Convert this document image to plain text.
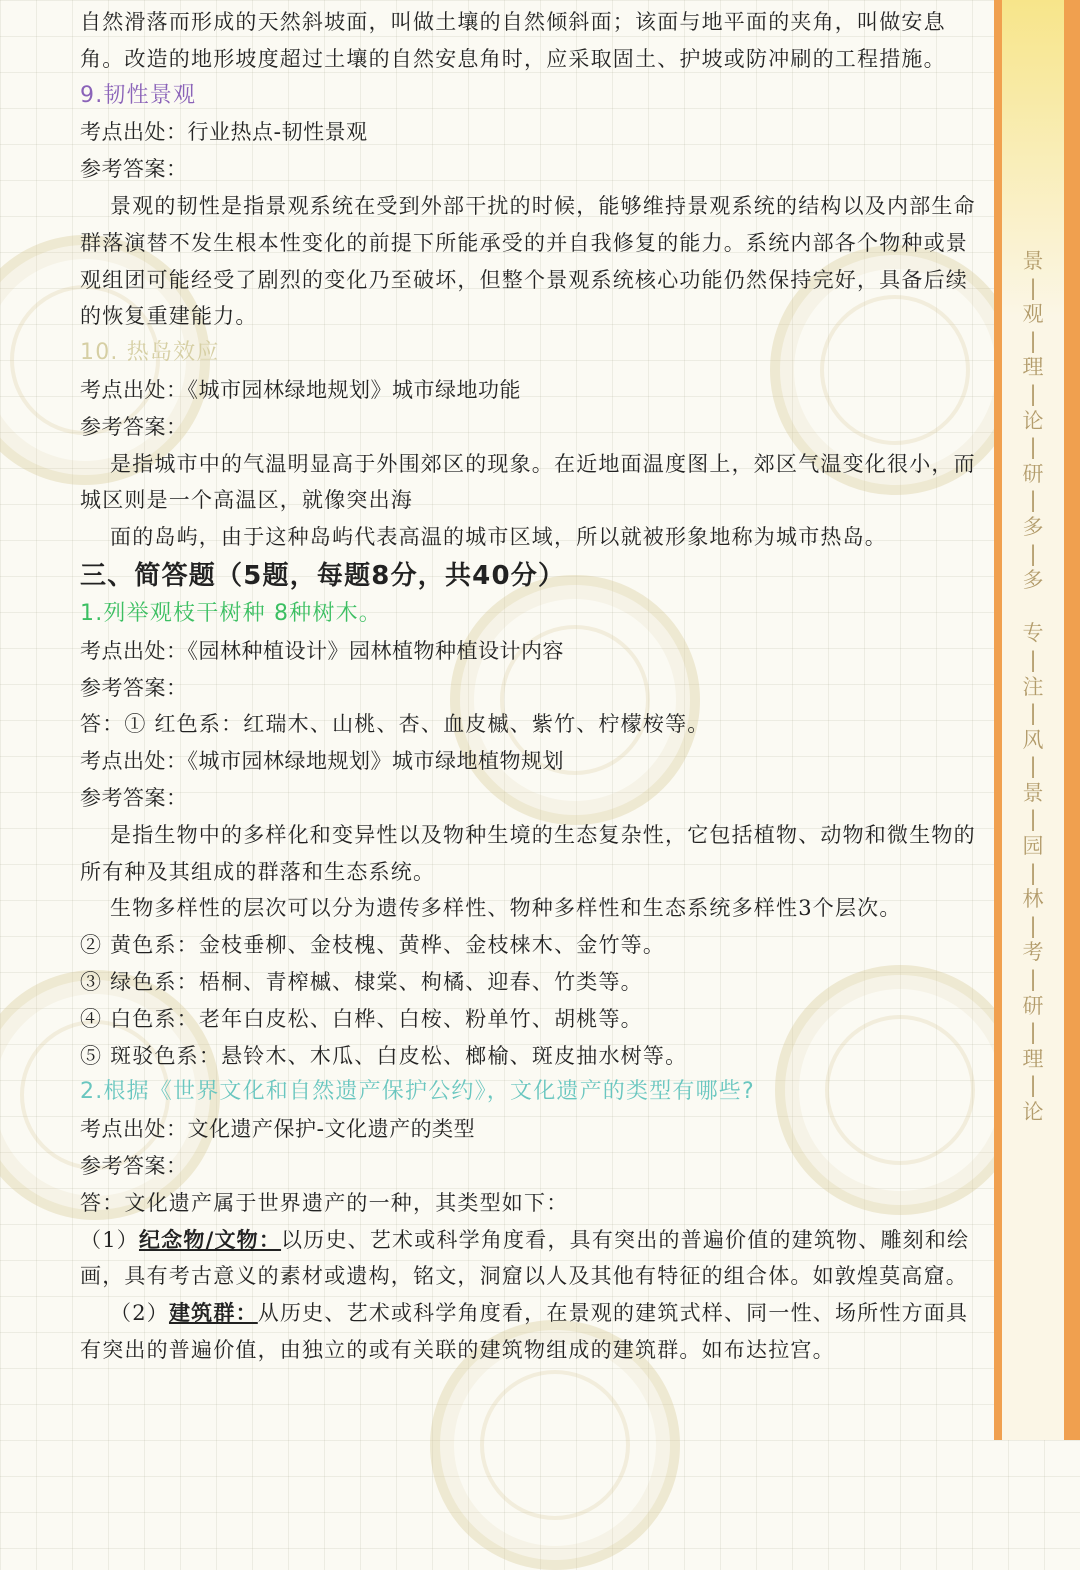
自然滑落而形成的天然斜坡面，叫做土壤的自然倾斜面；该面与地平面的夹角，叫做安息角。改造的地形坡度超过土壤的自然安息角时，应采取固土、护坡或防冲刷的工程措施。

9.韧性景观

考点出处：行业热点-韧性景观

参考答案：

景观的韧性是指景观系统在受到外部干扰的时候，能够维持景观系统的结构以及内部生命群落演替不发生根本性变化的前提下所能承受的并自我修复的能力。系统内部各个物种或景观组团可能经受了剧烈的变化乃至破坏，但整个景观系统核心功能仍然保持完好，具备后续的恢复重建能力。

10. 热岛效应

考点出处：《城市园林绿地规划》城市绿地功能

参考答案：

是指城市中的气温明显高于外围郊区的现象。在近地面温度图上，郊区气温变化很小，而城区则是一个高温区，就像突出海

面的岛屿，由于这种岛屿代表高温的城市区域，所以就被形象地称为城市热岛。

三、简答题（5题，每题8分，共40分）

1.列举观枝干树种 8种树木。

考点出处：《园林种植设计》园林植物种植设计内容

参考答案：

答：① 红色系：红瑞木、山桃、杏、血皮槭、紫竹、柠檬桉等。

考点出处：《城市园林绿地规划》城市绿地植物规划

参考答案：

是指生物中的多样化和变异性以及物种生境的生态复杂性，它包括植物、动物和微生物的所有种及其组成的群落和生态系统。

生物多样性的层次可以分为遗传多样性、物种多样性和生态系统多样性3个层次。

② 黄色系：金枝垂柳、金枝槐、黄桦、金枝梾木、金竹等。

③ 绿色系：梧桐、青榨槭、棣棠、枸橘、迎春、竹类等。

④ 白色系：老年白皮松、白桦、白桉、粉单竹、胡桃等。

⑤ 斑驳色系：悬铃木、木瓜、白皮松、榔榆、斑皮抽水树等。

2.根据《世界文化和自然遗产保护公约》，文化遗产的类型有哪些?

考点出处：文化遗产保护-文化遗产的类型

参考答案：

答：文化遗产属于世界遗产的一种，其类型如下：

（1）纪念物/文物：以历史、艺术或科学角度看，具有突出的普遍价值的建筑物、雕刻和绘画，具有考古意义的素材或遗构，铭文，洞窟以人及其他有特征的组合体。如敦煌莫高窟。

（2）建筑群：从历史、艺术或科学角度看，在景观的建筑式样、同一性、场所性方面具有突出的普遍价值，由独立的或有关联的建筑物组成的建筑群。如布达拉宫。

景
|
观
|
理
|
论
|
研
|
多
|
多

专
|
注
|
风
|
景
|
园
|
林
|
考
|
研
|
理
|
论
